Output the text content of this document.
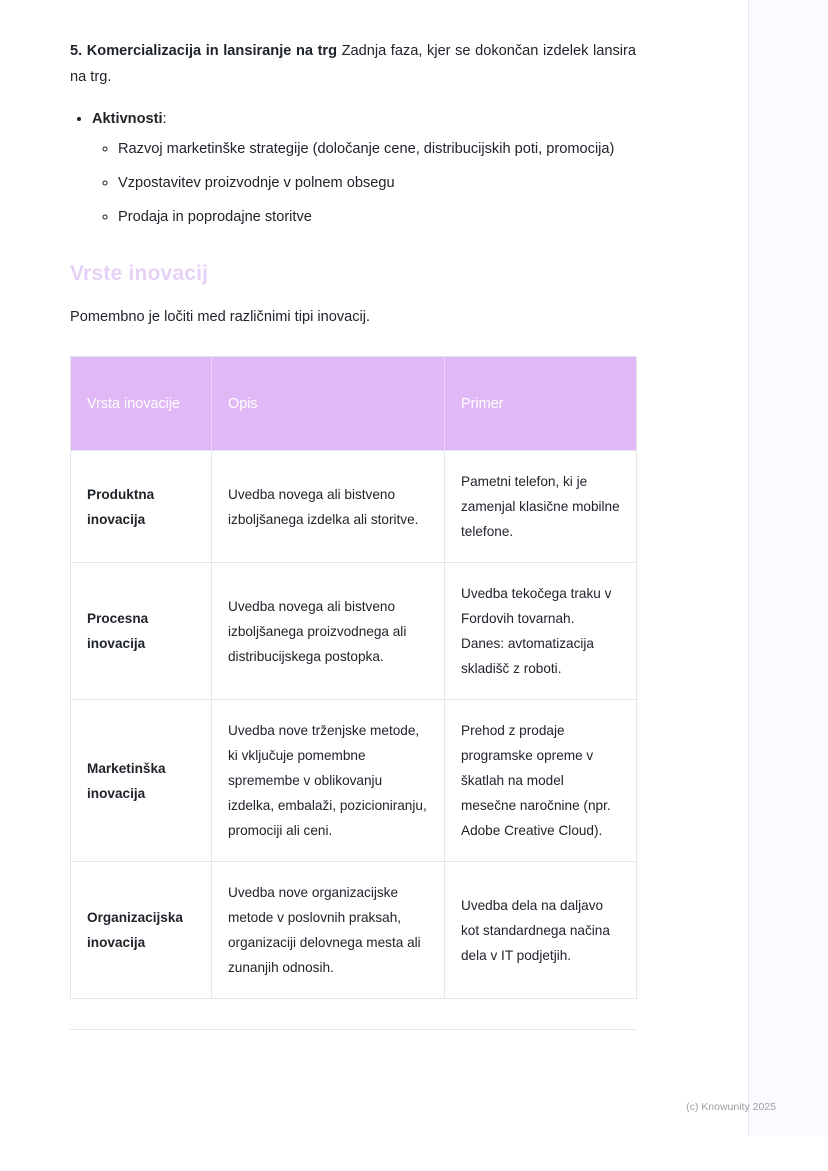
5. Komercializacija in lansiranje na trg Zadnja faza, kjer se dokončan izdelek lansira na trg.

• Aktivnosti:
◦ Razvoj marketinške strategije (določanje cene, distribucijskih poti, promocija)
◦ Vzpostavitev proizvodnje v polnem obsegu
◦ Prodaja in poprodajne storitve
Vrste inovacij

Pomembno je ločiti med različnimi tipi inovacij.

Vrsta inovacije	Opis	Primer
Produktna inovacija	Uvedba novega ali bistveno izboljšanega izdelka ali storitve.	Pametni telefon, ki je zamenjal klasične mobilne telefone.
Procesna inovacija	Uvedba novega ali bistveno izboljšanega proizvodnega ali distribucijskega postopka.	Uvedba tekočega traku v Fordovih tovarnah. Danes: avtomatizacija skladišč z roboti.
Marketinška inovacija	Uvedba nove trženjske metode, ki vključuje pomembne spremembe v oblikovanju izdelka, embalaži, pozicioniranju, promociji ali ceni.	Prehod z prodaje programske opreme v škatlah na model mesečne naročnine (npr. Adobe Creative Cloud).
Organizacijska inovacija	Uvedba nove organizacijske metode v poslovnih praksah, organizaciji delovnega mesta ali zunanjih odnosih.	Uvedba dela na daljavo kot standardnega načina dela v IT podjetjih.
(c) Knowunity 2025
